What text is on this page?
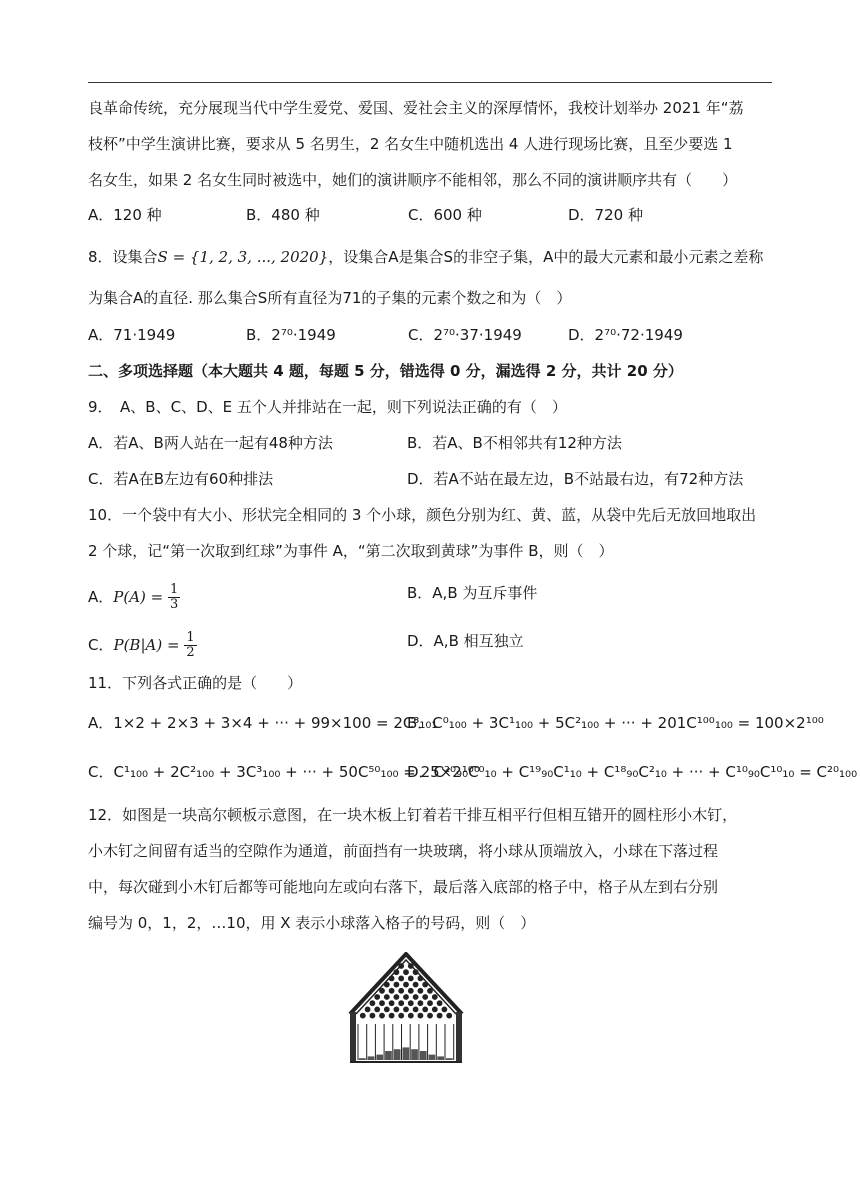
良革命传统，充分展现当代中学生爱党、爱国、爱社会主义的深厚情怀，我校计划举办 2021 年“荔
枝杯”中学生演讲比赛，要求从 5 名男生，2 名女生中随机选出 4 人进行现场比赛，且至少要选 1
名女生，如果 2 名女生同时被选中，她们的演讲顺序不能相邻，那么不同的演讲顺序共有（　　）
A．120 种	B．480 种	C．600 种	D．720 种
8．设集合S = {1, 2, 3, ..., 2020}，设集合A是集合S的非空子集，A中的最大元素和最小元素之差称
为集合A的直径. 那么集合S所有直径为71的子集的元素个数之和为（　）
A．71·1949	B．2⁷⁰·1949	C．2⁷⁰·37·1949	D．2⁷⁰·72·1949
二、多项选择题（本大题共 4 题，每题 5 分，错选得 0 分，漏选得 2 分，共计 20 分）
9．　A、B、C、D、E 五个人并排站在一起，则下列说法正确的有（　）
A．若A、B两人站在一起有48种方法	B．若A、B不相邻共有12种方法
C．若A在B左边有60种排法	D．若A不站在最左边，B不站最右边，有72种方法
10．一个袋中有大小、形状完全相同的 3 个小球，颜色分别为红、黄、蓝，从袋中先后无放回地取出
2 个球，记“第一次取到红球”为事件 A，“第二次取到黄球”为事件 B，则（　）
A．$P(A) = \frac{1}{3}$	B．A,B 为互斥事件
C．$P(B|A) = \frac{1}{2}$	D．A,B 相互独立
11．下列各式正确的是（　　）
A．1×2 + 2×3 + 3×4 + ··· + 99×100 = 2C³₁₀₁
B．C⁰₁₀₀ + 3C¹₁₀₀ + 5C²₁₀₀ + ··· + 201C¹⁰⁰₁₀₀ = 100×2¹⁰⁰
C．C¹₁₀₀ + 2C²₁₀₀ + 3C³₁₀₀ + ··· + 50C⁵⁰₁₀₀ = 25×2¹⁰⁰
D．C²⁰₉₀C⁰₁₀ + C¹⁹₉₀C¹₁₀ + C¹⁸₉₀C²₁₀ + ··· + C¹⁰₉₀C¹⁰₁₀ = C²⁰₁₀₀
12．如图是一块高尔顿板示意图，在一块木板上钉着若干排互相平行但相互错开的圆柱形小木钉，
小木钉之间留有适当的空隙作为通道，前面挡有一块玻璃，将小球从顶端放入，小球在下落过程
中，每次碰到小木钉后都等可能地向左或向右落下，最后落入底部的格子中，格子从左到右分别
编号为 0，1，2，…10，用 X 表示小球落入格子的号码，则（　）
